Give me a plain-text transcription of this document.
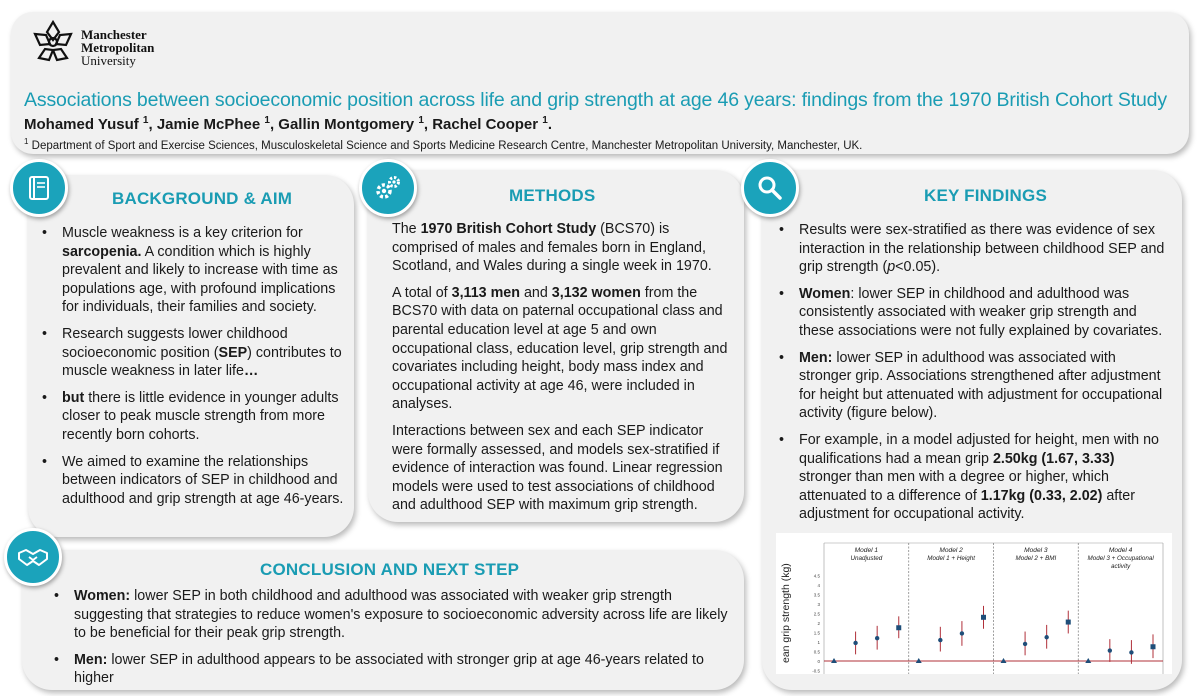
Manchester
Metropolitan
University
Associations between socioeconomic position across life and grip strength at age 46 years: findings from the 1970 British Cohort Study
Mohamed Yusuf $^1$, Jamie McPhee $^1$, Gallin Montgomery $^1$, Rachel Cooper $^1$.
$^1$ Department of Sport and Exercise Sciences, Musculoskeletal Science and Sports Medicine Research Centre, Manchester Metropolitan University, Manchester, UK.
BACKGROUND & AIM
• Muscle weakness is a key criterion for sarcopenia. A condition which is highly prevalent and likely to increase with time as populations age, with profound implications for individuals, their families and society.
• Research suggests lower childhood socioeconomic position (SEP) contributes to muscle weakness in later life…
• but there is little evidence in younger adults closer to peak muscle strength from more recently born cohorts.
• We aimed to examine the relationships between indicators of SEP in childhood and adulthood and grip strength at age 46-years.
METHODS

The 1970 British Cohort Study (BCS70) is comprised of males and females born in England, Scotland, and Wales during a single week in 1970.

A total of 3,113 men and 3,132 women from the BCS70 with data on paternal occupational class and parental education level at age 5 and own occupational class, education level, grip strength and covariates including height, body mass index and occupational activity at age 46, were included in analyses.

Interactions between sex and each SEP indicator were formally assessed, and models sex-stratified if evidence of interaction was found. Linear regression models were used to test associations of childhood and adulthood SEP with maximum grip strength.

KEY FINDINGS
• Results were sex-stratified as there was evidence of sex interaction in the relationship between childhood SEP and grip strength (p<0.05).
• Women: lower SEP in childhood and adulthood was consistently associated with weaker grip strength and these associations were not fully explained by covariates.
• Men: lower SEP in adulthood was associated with stronger grip. Associations strengthened after adjustment for height but attenuated with adjustment for occupational activity (figure below).
• For example, in a model adjusted for height, men with no qualifications had a mean grip 2.50kg (1.67, 3.33) stronger than men with a degree or higher, which attenuated to a difference of 1.17kg (0.33, 2.02) after adjustment for occupational activity.
ean grip strength (kg)
-0.5
0
0.5
1
1.5
2
2.5
3
3.5
4
4.5
Model 1
Unadjusted
Model 2
Model 1 + Height
Model 3
Model 2 + BMI
Model 4
Model 3 + Occupational
activity
CONCLUSION AND NEXT STEP
• Women: lower SEP in both childhood and adulthood was associated with weaker grip strength suggesting that strategies to reduce women's exposure to socioeconomic adversity across life are likely to be beneficial for their peak grip strength.
• Men: lower SEP in adulthood appears to be associated with stronger grip at age 46-years related to higher
